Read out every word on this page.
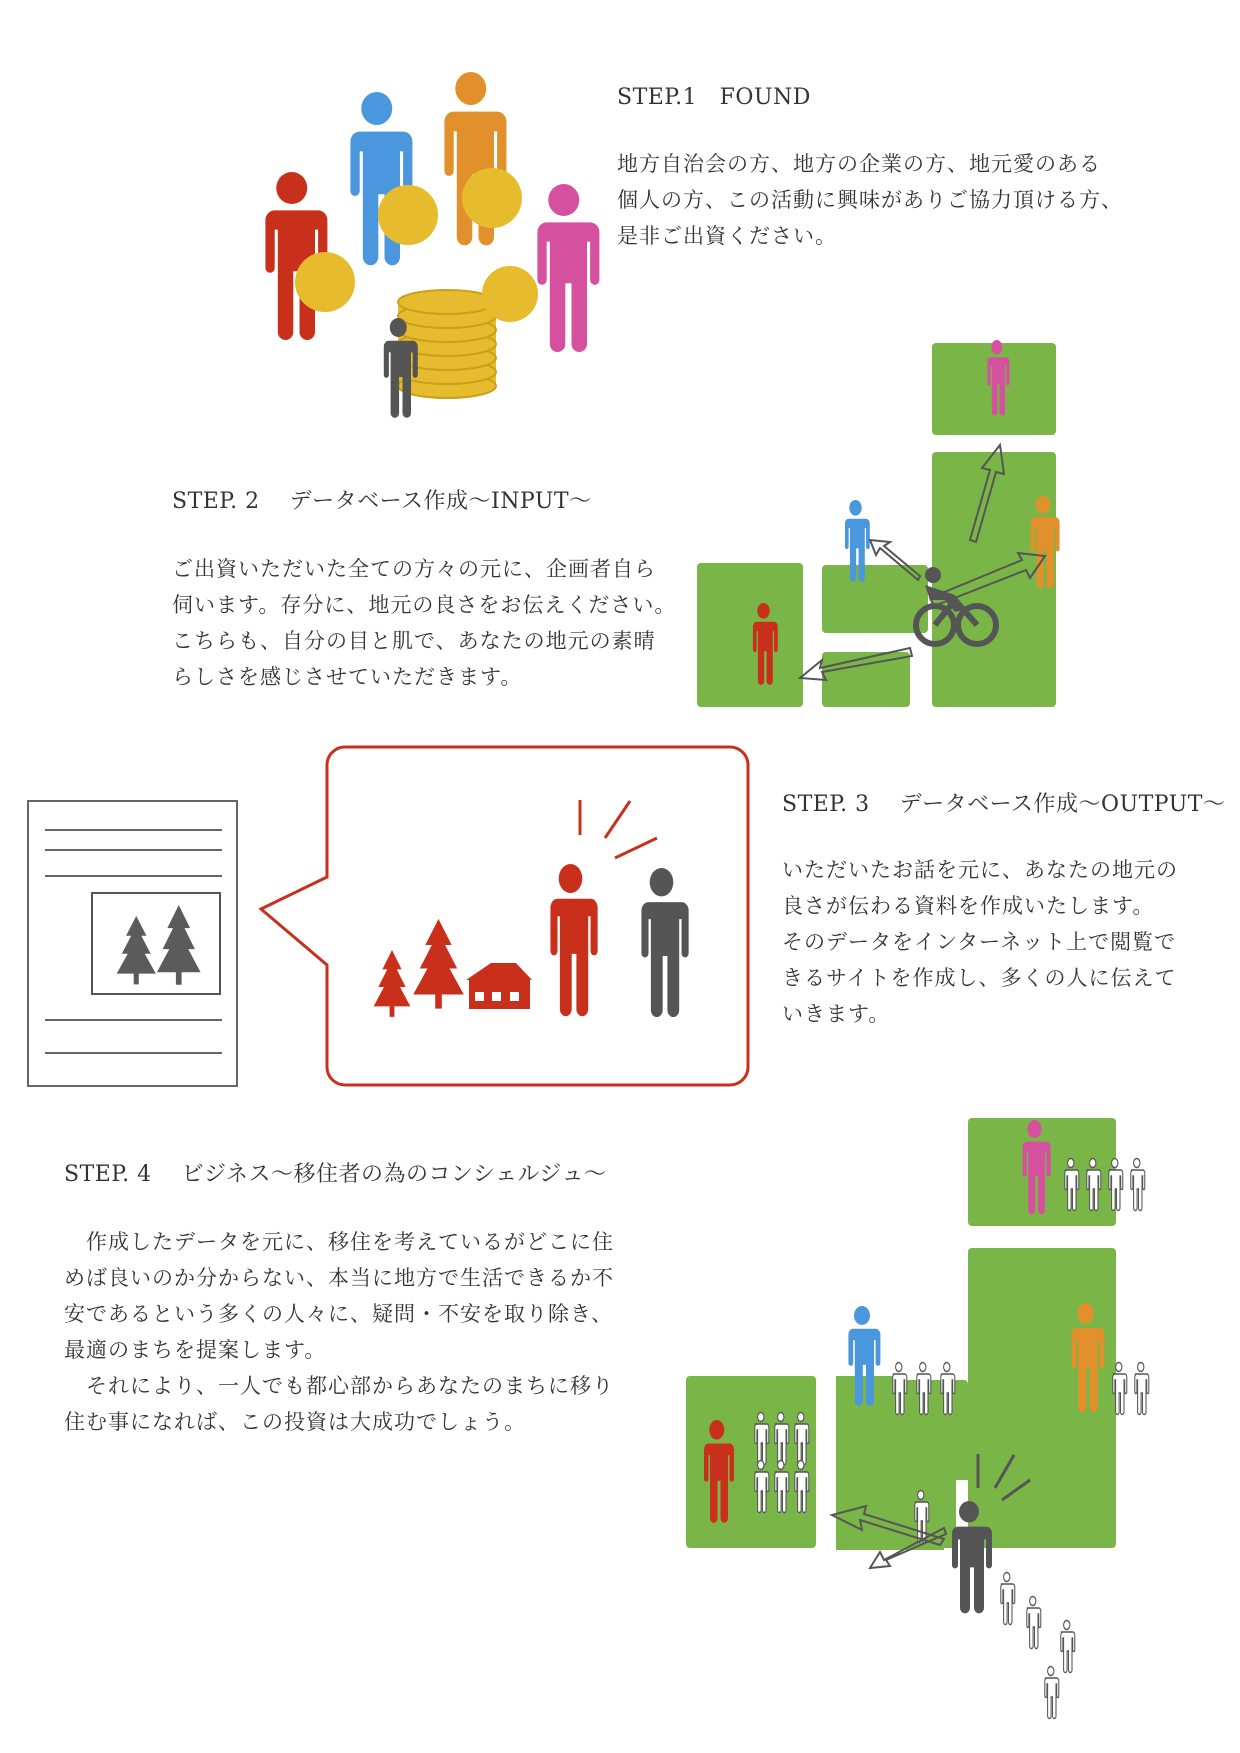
STEP.1　FOUND

地方自治会の方、地方の企業の方、地元愛のある

個人の方、この活動に興味がありご協力頂ける方、

是非ご出資ください。

STEP. 2　 データベース作成〜INPUT〜

ご出資いただいた全ての方々の元に、企画者自ら

伺います。存分に、地元の良さをお伝えください。

こちらも、自分の目と肌で、あなたの地元の素晴

らしさを感じさせていただきます。

STEP. 3　 データベース作成〜OUTPUT〜

いただいたお話を元に、あなたの地元の

良さが伝わる資料を作成いたします。

そのデータをインターネット上で閲覧で

きるサイトを作成し、多くの人に伝えて

いきます。

STEP. 4　 ビジネス〜移住者の為のコンシェルジュ〜

　作成したデータを元に、移住を考えているがどこに住

めば良いのか分からない、本当に地方で生活できるか不

安であるという多くの人々に、疑問・不安を取り除き、

最適のまちを提案します。

　それにより、一人でも都心部からあなたのまちに移り

住む事になれば、この投資は大成功でしょう。
